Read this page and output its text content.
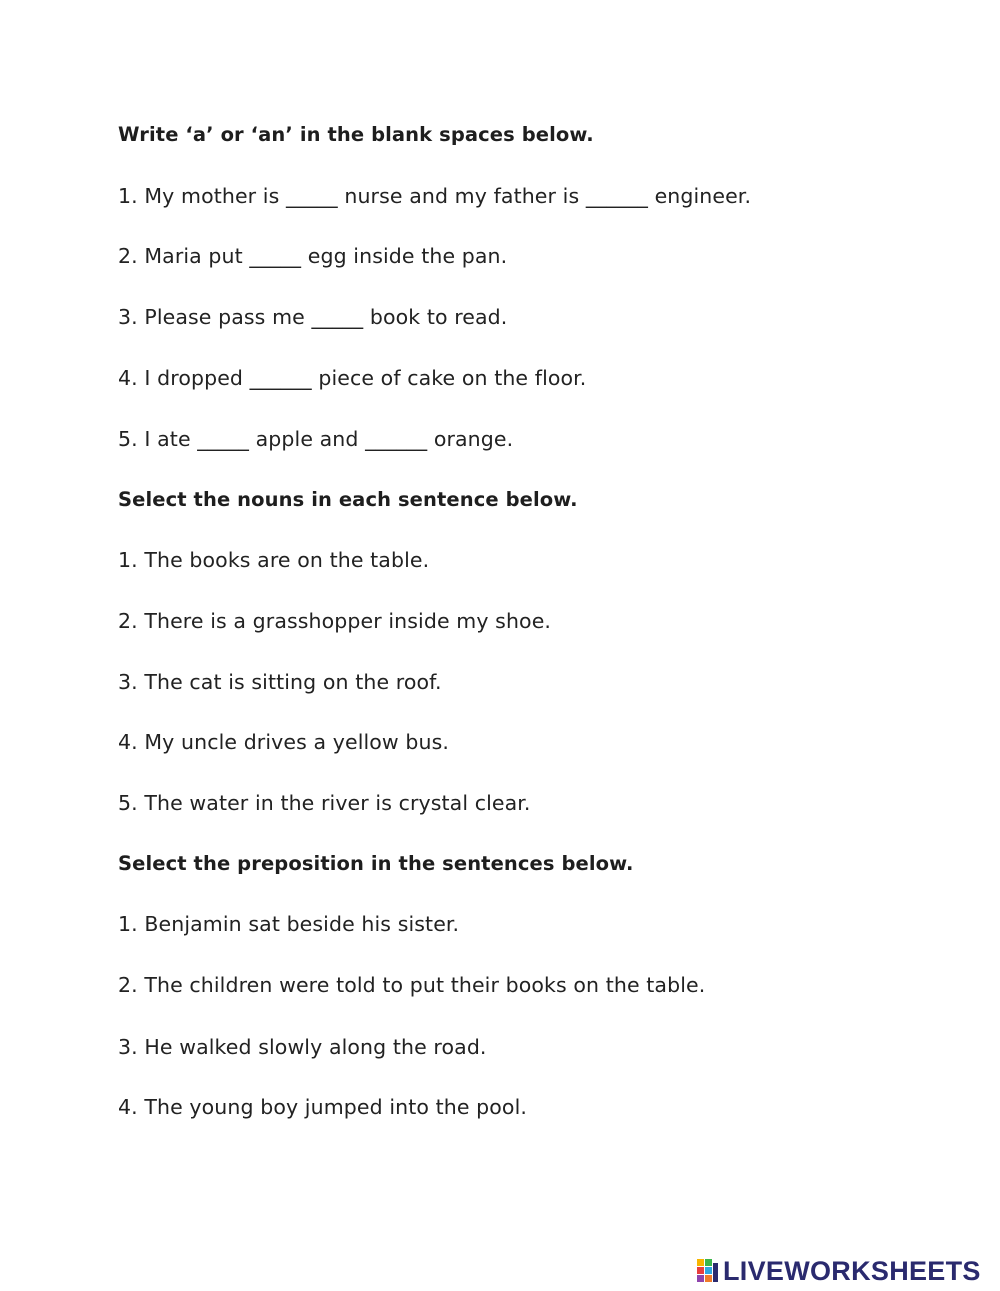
Write ‘a’ or ‘an’ in the blank spaces below.
1. My mother is _____ nurse and my father is ______ engineer.
2. Maria put _____ egg inside the pan.
3. Please pass me _____ book to read.
4. I dropped ______ piece of cake on the floor.
5. I ate _____ apple and ______ orange.
Select the nouns in each sentence below.
1. The books are on the table.
2. There is a grasshopper inside my shoe.
3. The cat is sitting on the roof.
4. My uncle drives a yellow bus.
5. The water in the river is crystal clear.
Select the preposition in the sentences below.
1. Benjamin sat beside his sister.
2. The children were told to put their books on the table.
3. He walked slowly along the road.
4. The young boy jumped into the pool.
LIVEWORKSHEETS
